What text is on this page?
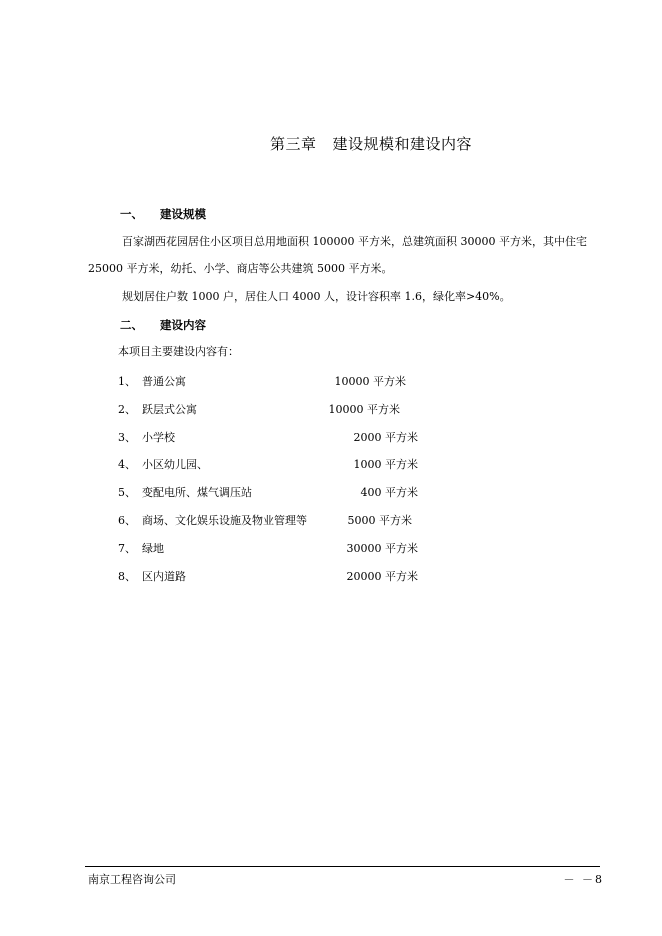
第三章 建设规模和建设内容
一、 建设规模
百家湖西花园居住小区项目总用地面积 100000 平方米，总建筑面积 30000 平方米，其中住宅
25000 平方米，幼托、小学、商店等公共建筑 5000 平方米。
规划居住户数 1000 户，居住人口 4000 人，设计容积率 1.6，绿化率>40%。
二、 建设内容
本项目主要建设内容有：
1、 普通公寓	10000 平方米
2、 跃层式公寓	10000 平方米
3、 小学校	2000 平方米
4、 小区幼儿园、	1000 平方米
5、 变配电所、煤气调压站	400 平方米
6、 商场、文化娱乐设施及物业管理等	5000 平方米
7、 绿地	30000 平方米
8、 区内道路	20000 平方米
南京工程咨询公司	－ －8
